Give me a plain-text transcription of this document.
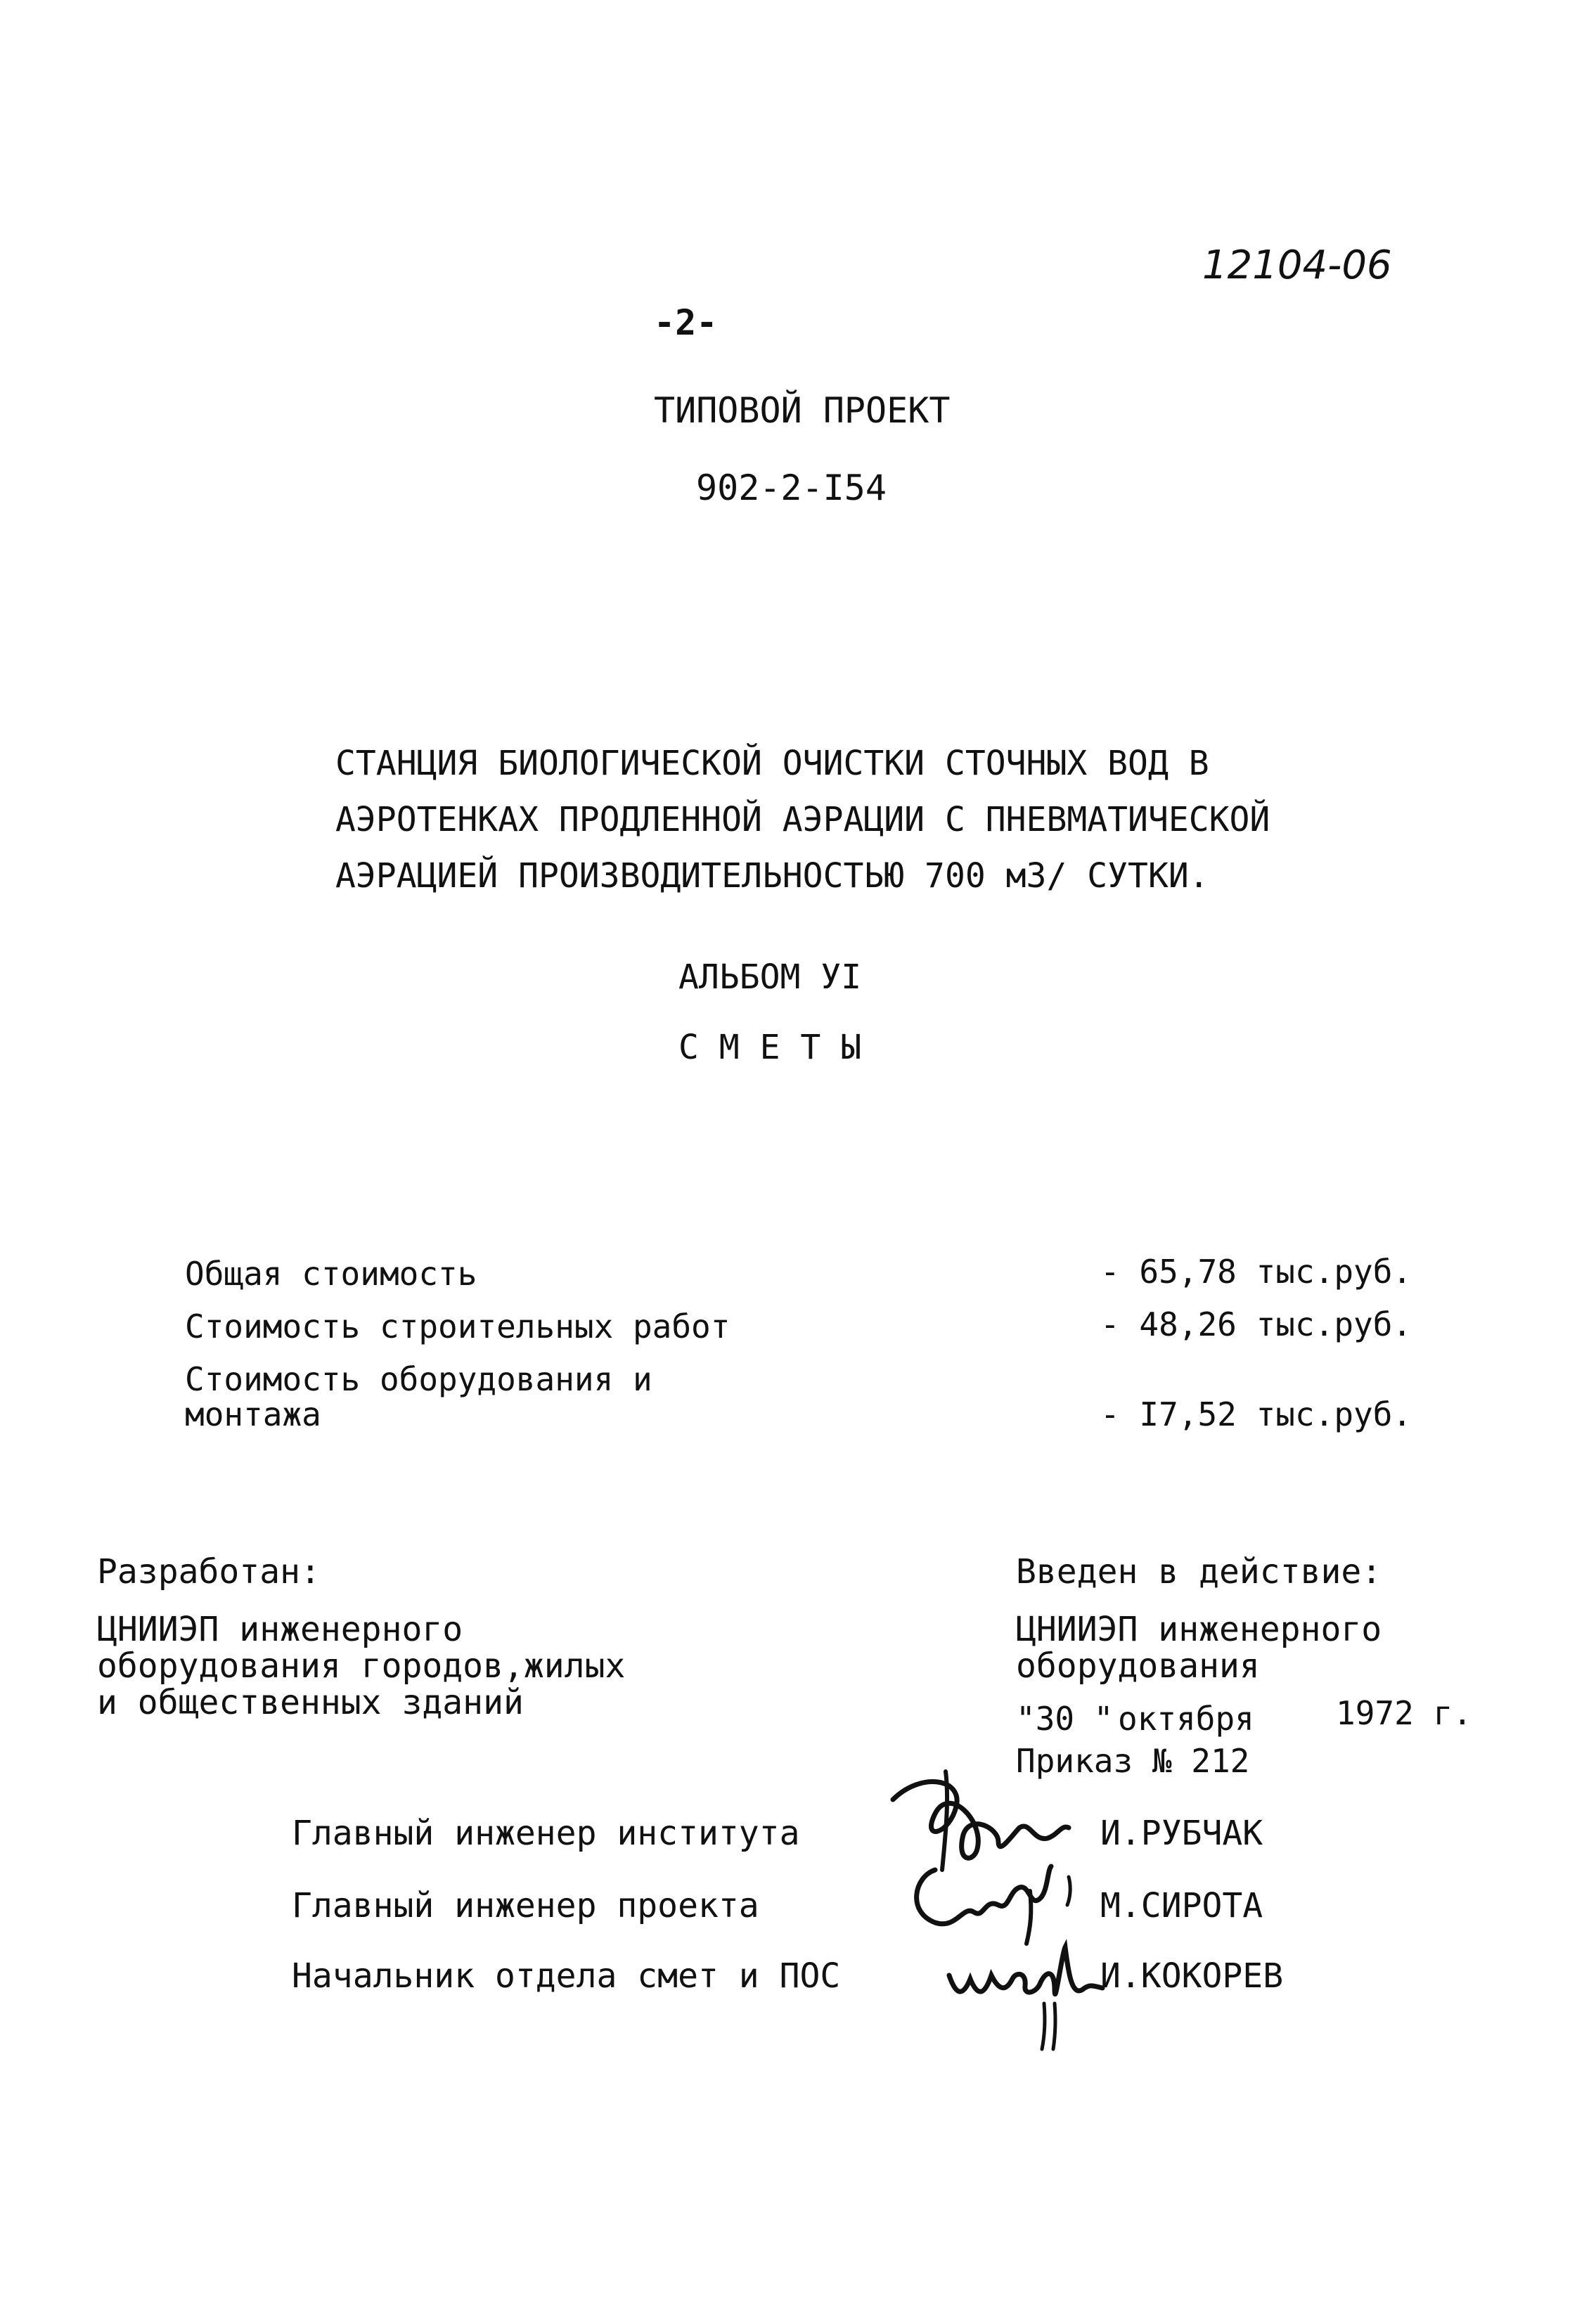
12104-06
-2-
ТИПОВОЙ ПРОЕКТ
902-2-I54
СТАНЦИЯ БИОЛОГИЧЕСКОЙ ОЧИСТКИ СТОЧНЫХ ВОД В
АЭРОТЕНКАХ ПРОДЛЕННОЙ АЭРАЦИИ С ПНЕВМАТИЧЕСКОЙ
АЭРАЦИЕЙ ПРОИЗВОДИТЕЛЬНОСТЬЮ 700 м3/ СУТКИ.
АЛЬБОМ УI
С М Е Т Ы
Общая стоимость	- 65,78 тыс.руб.
Стоимость строительных работ	- 48,26 тыс.руб.
Стоимость оборудования и
монтажа	- I7,52 тыс.руб.
Разработан:
ЦНИИЭП инженерного
оборудования городов,жилых
и общественных зданий
Введен в действие:
ЦНИИЭП инженерного
оборудования
"30 " октября	1972 г.
Приказ № 212
Главный инженер института	И.РУБЧАК
Главный инженер проекта	М.СИРОТА
Начальник отдела смет и ПОС	И.КОКОРЕВ
